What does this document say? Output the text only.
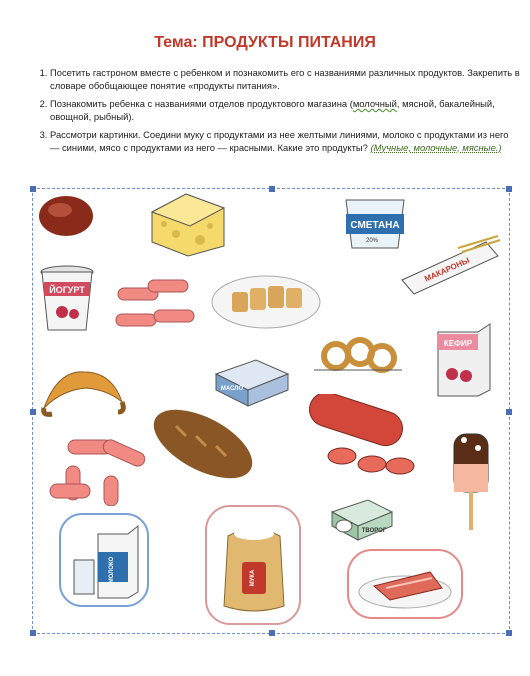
Тема: ПРОДУКТЫ ПИТАНИЯ
1. Посетить гастроном вместе с ребенком и познакомить его с названиями различных продуктов. Закрепить в словаре обобщающее понятие «продукты питания».
2. Познакомить ребенка с названиями отделов продуктового магазина (молочный, мясной, бакалейный, овощной, рыбный).
3. Рассмотри картинки. Соедини муку с продуктами из нее желтыми линиями, молоко с продуктами из него — синими, мясо с продуктами из него — красными. Какие это продукты? (Мучные, молочные, мясные.)
СМЕТАНА
20%
ЙОГУРТ
МАКАРОНЫ
КЕФИР
МАСЛО
МОЛОКО	МУКА
ТВОРОГ
